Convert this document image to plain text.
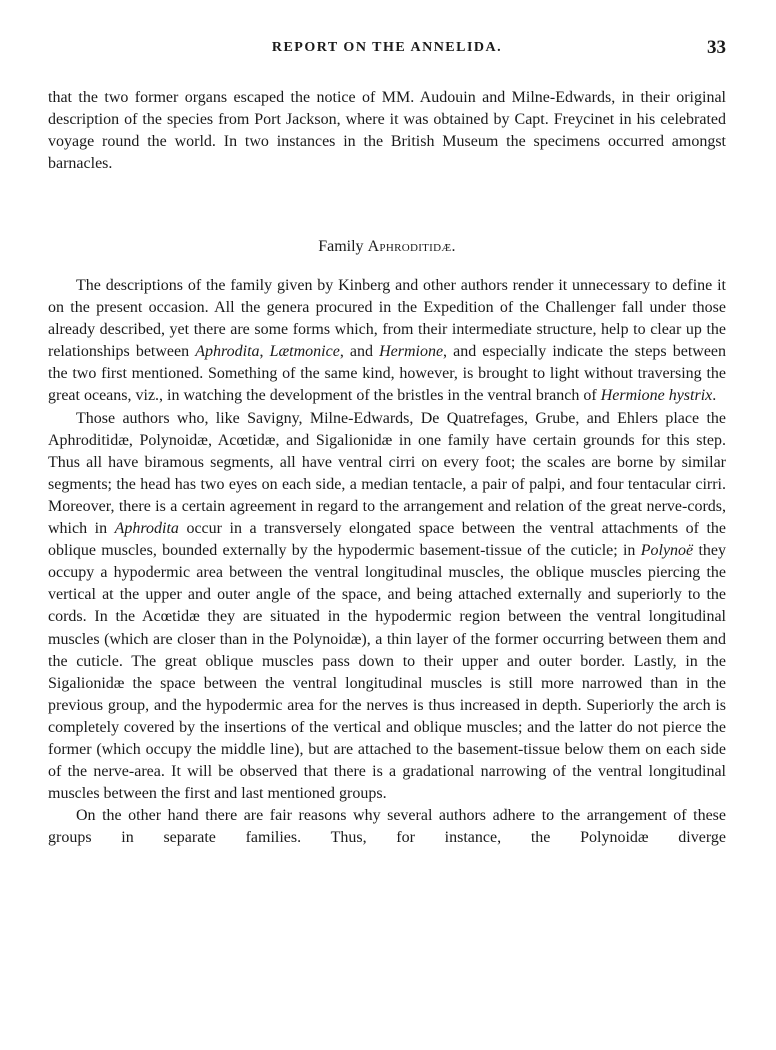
REPORT ON THE ANNELIDA.	33

that the two former organs escaped the notice of MM. Audouin and Milne-Edwards, in their original description of the species from Port Jackson, where it was obtained by Capt. Freycinet in his celebrated voyage round the world. In two instances in the British Museum the specimens occurred amongst barnacles.

Family Aphroditidæ.

The descriptions of the family given by Kinberg and other authors render it unnecessary to define it on the present occasion. All the genera procured in the Expedition of the Challenger fall under those already described, yet there are some forms which, from their intermediate structure, help to clear up the relationships between Aphrodita, Lætmonice, and Hermione, and especially indicate the steps between the two first mentioned. Something of the same kind, however, is brought to light without traversing the great oceans, viz., in watching the development of the bristles in the ventral branch of Hermione hystrix.

Those authors who, like Savigny, Milne-Edwards, De Quatrefages, Grube, and Ehlers place the Aphroditidæ, Polynoidæ, Acœtidæ, and Sigalionidæ in one family have certain grounds for this step. Thus all have biramous segments, all have ventral cirri on every foot; the scales are borne by similar segments; the head has two eyes on each side, a median tentacle, a pair of palpi, and four tentacular cirri. Moreover, there is a certain agreement in regard to the arrangement and relation of the great nerve-cords, which in Aphrodita occur in a transversely elongated space between the ventral attachments of the oblique muscles, bounded externally by the hypodermic basement-tissue of the cuticle; in Polynoë they occupy a hypodermic area between the ventral longitudinal muscles, the oblique muscles piercing the vertical at the upper and outer angle of the space, and being attached externally and superiorly to the cords. In the Acœtidæ they are situated in the hypodermic region between the ventral longitudinal muscles (which are closer than in the Polynoidæ), a thin layer of the former occurring between them and the cuticle. The great oblique muscles pass down to their upper and outer border. Lastly, in the Sigalionidæ the space between the ventral longitudinal muscles is still more narrowed than in the previous group, and the hypodermic area for the nerves is thus increased in depth. Superiorly the arch is completely covered by the insertions of the vertical and oblique muscles; and the latter do not pierce the former (which occupy the middle line), but are attached to the basement-tissue below them on each side of the nerve-area. It will be observed that there is a gradational narrowing of the ventral longitudinal muscles between the first and last mentioned groups.

On the other hand there are fair reasons why several authors adhere to the arrangement of these groups in separate families. Thus, for instance, the Polynoidæ diverge
